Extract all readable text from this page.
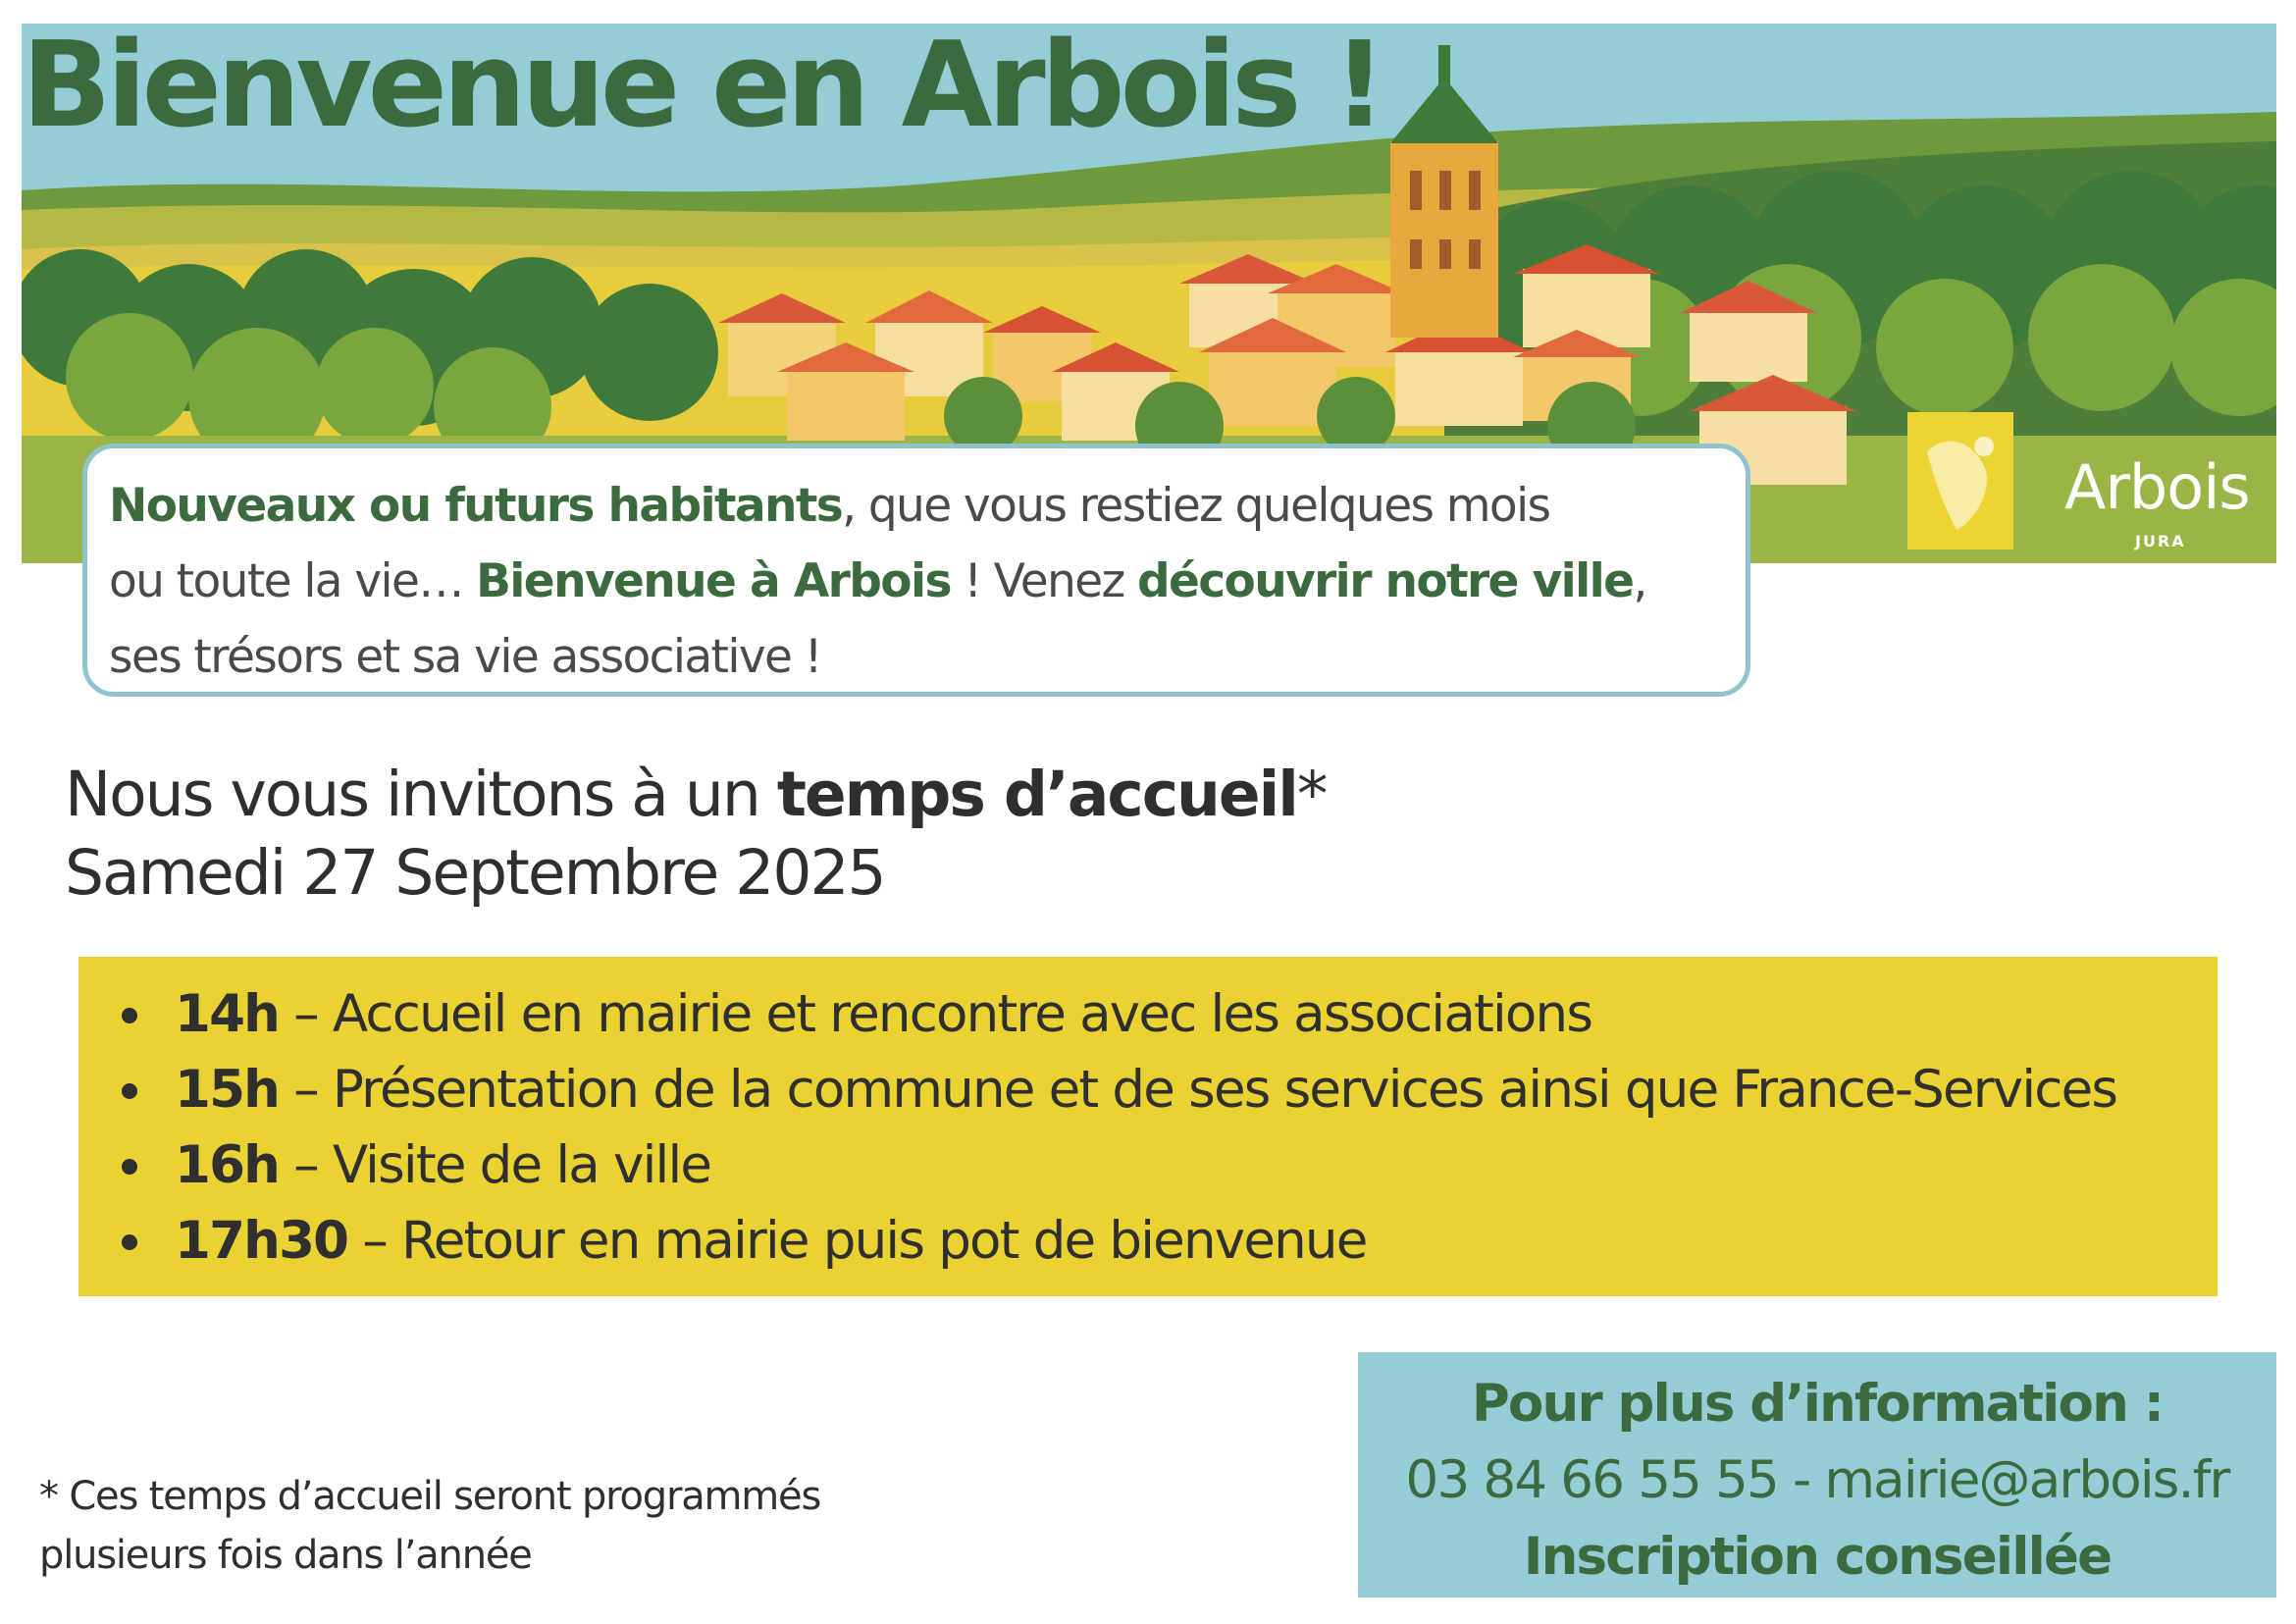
Bienvenue en Arbois !
Arbois
JURA

Nouveaux ou futurs habitants, que vous restiez quelques mois

ou toute la vie… Bienvenue à Arbois ! Venez découvrir notre ville,

ses trésors et sa vie associative !

Nous vous invitons à un temps d’accueil*
Samedi 27 Septembre 2025
14h – Accueil en mairie et rencontre avec les associations
15h – Présentation de la commune et de ses services ainsi que France-Services
16h – Visite de la ville
17h30 – Retour en mairie puis pot de bienvenue
* Ces temps d’accueil seront programmés
plusieurs fois dans l’année
Pour plus d’information :
03 84 66 55 55 - mairie@arbois.fr
Inscription conseillée
